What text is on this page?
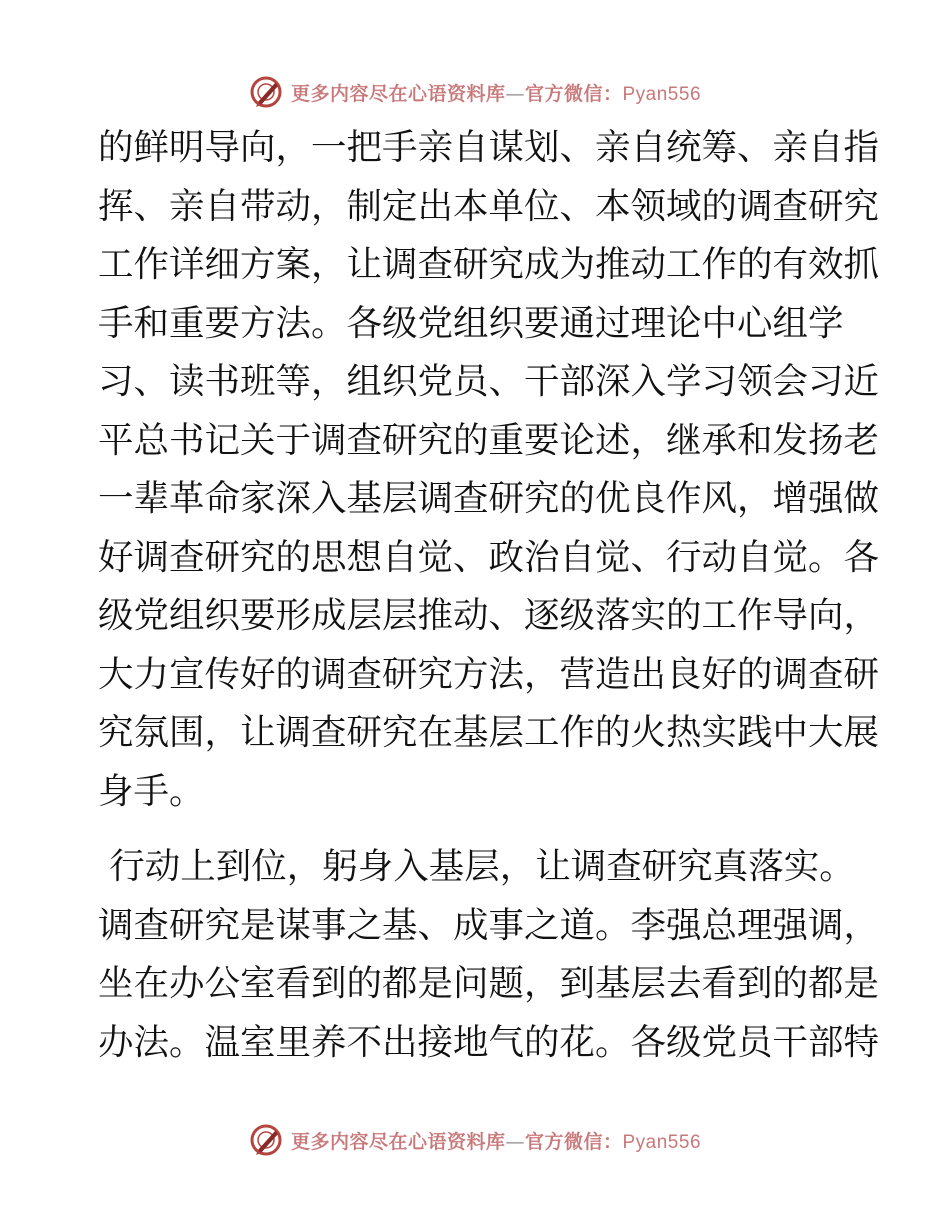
更多内容尽在心语资料库—官方微信：Pyan556
的鲜明导向，一把手亲自谋划、亲自统筹、亲自指
挥、亲自带动，制定出本单位、本领域的调查研究
工作详细方案，让调查研究成为推动工作的有效抓
手和重要方法。各级党组织要通过理论中心组学
习、读书班等，组织党员、干部深入学习领会习近
平总书记关于调查研究的重要论述，继承和发扬老
一辈革命家深入基层调查研究的优良作风，增强做
好调查研究的思想自觉、政治自觉、行动自觉。各
级党组织要形成层层推动、逐级落实的工作导向，
大力宣传好的调查研究方法，营造出良好的调查研
究氛围，让调查研究在基层工作的火热实践中大展
身手。
行动上到位，躬身入基层，让调查研究真落实。
调查研究是谋事之基、成事之道。李强总理强调，
坐在办公室看到的都是问题，到基层去看到的都是
办法。温室里养不出接地气的花。各级党员干部特
更多内容尽在心语资料库—官方微信：Pyan556
